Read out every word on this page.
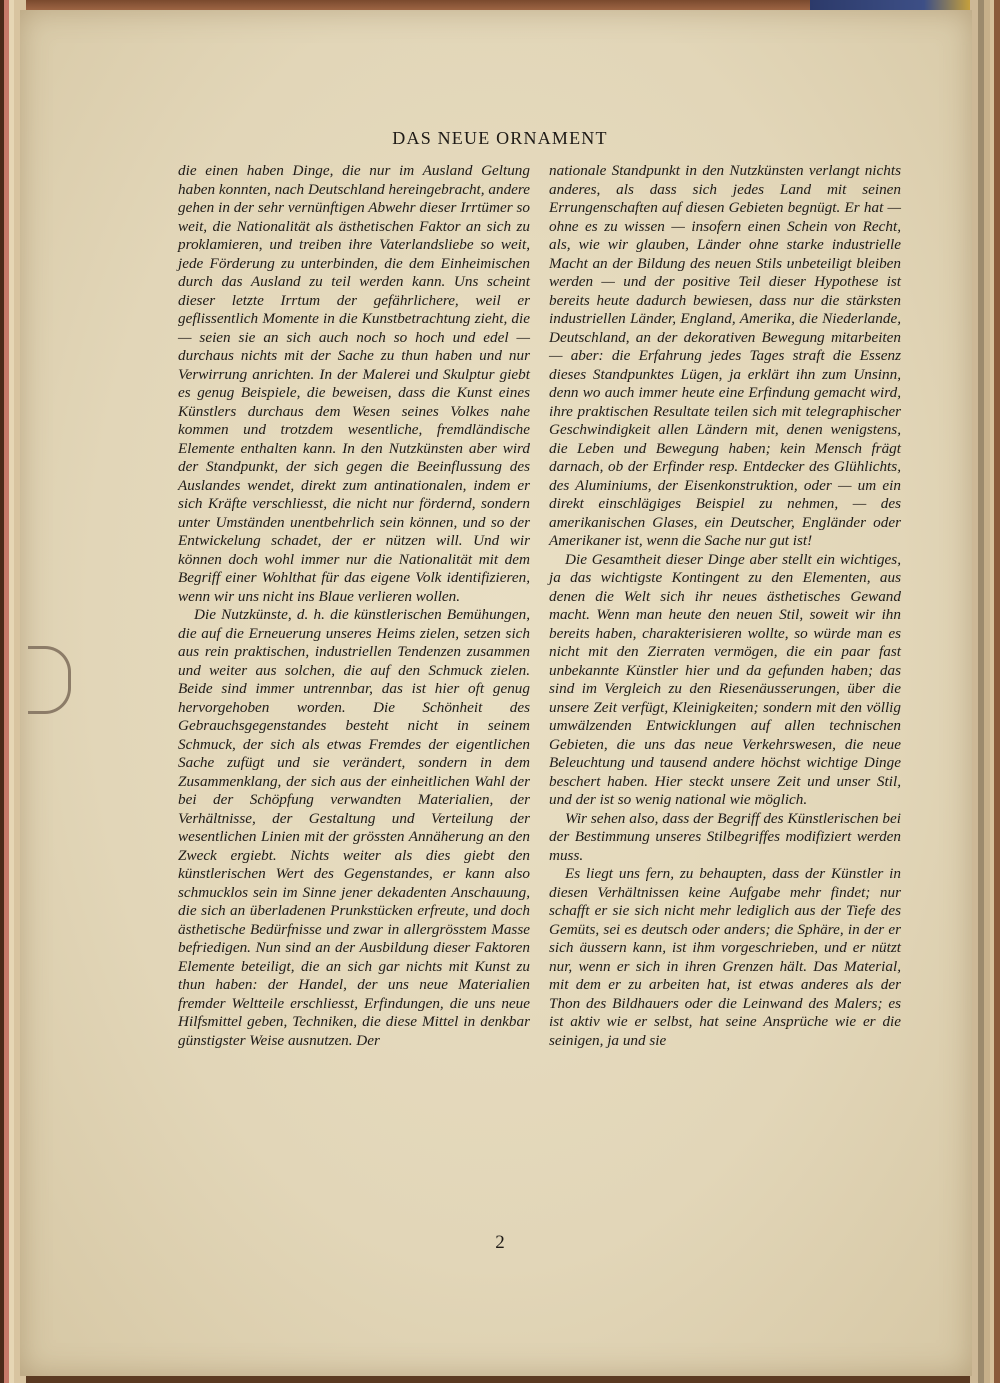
DAS NEUE ORNAMENT

die einen haben Dinge, die nur im Ausland Geltung haben konnten, nach Deutschland hereingebracht, andere gehen in der sehr vernünftigen Abwehr dieser Irrtümer so weit, die Nationalität als ästhetischen Faktor an sich zu proklamieren, und treiben ihre Vaterlandsliebe so weit, jede Förderung zu unterbinden, die dem Einheimischen durch das Ausland zu teil werden kann. Uns scheint dieser letzte Irrtum der gefährlichere, weil er geflissentlich Momente in die Kunstbetrachtung zieht, die — seien sie an sich auch noch so hoch und edel — durchaus nichts mit der Sache zu thun haben und nur Verwirrung anrichten. In der Malerei und Skulptur giebt es genug Beispiele, die beweisen, dass die Kunst eines Künstlers durchaus dem Wesen seines Volkes nahe kommen und trotzdem wesentliche, fremdländische Elemente enthalten kann. In den Nutzkünsten aber wird der Standpunkt, der sich gegen die Beeinflussung des Auslandes wendet, direkt zum antinationalen, indem er sich Kräfte verschliesst, die nicht nur fördernd, sondern unter Umständen unentbehrlich sein können, und so der Entwickelung schadet, der er nützen will. Und wir können doch wohl immer nur die Nationalität mit dem Begriff einer Wohlthat für das eigene Volk identifizieren, wenn wir uns nicht ins Blaue verlieren wollen.

Die Nutzkünste, d. h. die künstlerischen Bemühungen, die auf die Erneuerung unseres Heims zielen, setzen sich aus rein praktischen, industriellen Tendenzen zusammen und weiter aus solchen, die auf den Schmuck zielen. Beide sind immer untrennbar, das ist hier oft genug hervorgehoben worden. Die Schönheit des Gebrauchsgegenstandes besteht nicht in seinem Schmuck, der sich als etwas Fremdes der eigentlichen Sache zufügt und sie verändert, sondern in dem Zusammenklang, der sich aus der einheitlichen Wahl der bei der Schöpfung verwandten Materialien, der Verhältnisse, der Gestaltung und Verteilung der wesentlichen Linien mit der grössten Annäherung an den Zweck ergiebt. Nichts weiter als dies giebt den künstlerischen Wert des Gegenstandes, er kann also schmucklos sein im Sinne jener dekadenten Anschauung, die sich an überladenen Prunkstücken erfreute, und doch ästhetische Bedürfnisse und zwar in allergrösstem Masse befriedigen. Nun sind an der Ausbildung dieser Faktoren Elemente beteiligt, die an sich gar nichts mit Kunst zu thun haben: der Handel, der uns neue Materialien fremder Weltteile erschliesst, Erfindungen, die uns neue Hilfsmittel geben, Techniken, die diese Mittel in denkbar günstigster Weise ausnutzen. Der

nationale Standpunkt in den Nutzkünsten verlangt nichts anderes, als dass sich jedes Land mit seinen Errungenschaften auf diesen Gebieten begnügt. Er hat — ohne es zu wissen — insofern einen Schein von Recht, als, wie wir glauben, Länder ohne starke industrielle Macht an der Bildung des neuen Stils unbeteiligt bleiben werden — und der positive Teil dieser Hypothese ist bereits heute dadurch bewiesen, dass nur die stärksten industriellen Länder, England, Amerika, die Niederlande, Deutschland, an der dekorativen Bewegung mitarbeiten — aber: die Erfahrung jedes Tages straft die Essenz dieses Standpunktes Lügen, ja erklärt ihn zum Unsinn, denn wo auch immer heute eine Erfindung gemacht wird, ihre praktischen Resultate teilen sich mit telegraphischer Geschwindigkeit allen Ländern mit, denen wenigstens, die Leben und Bewegung haben; kein Mensch frägt darnach, ob der Erfinder resp. Entdecker des Glühlichts, des Aluminiums, der Eisenkonstruktion, oder — um ein direkt einschlägiges Beispiel zu nehmen, — des amerikanischen Glases, ein Deutscher, Engländer oder Amerikaner ist, wenn die Sache nur gut ist!

Die Gesamtheit dieser Dinge aber stellt ein wichtiges, ja das wichtigste Kontingent zu den Elementen, aus denen die Welt sich ihr neues ästhetisches Gewand macht. Wenn man heute den neuen Stil, soweit wir ihn bereits haben, charakterisieren wollte, so würde man es nicht mit den Zierraten vermögen, die ein paar fast unbekannte Künstler hier und da gefunden haben; das sind im Vergleich zu den Riesenäusserungen, über die unsere Zeit verfügt, Kleinigkeiten; sondern mit den völlig umwälzenden Entwicklungen auf allen technischen Gebieten, die uns das neue Verkehrswesen, die neue Beleuchtung und tausend andere höchst wichtige Dinge beschert haben. Hier steckt unsere Zeit und unser Stil, und der ist so wenig national wie möglich.

Wir sehen also, dass der Begriff des Künstlerischen bei der Bestimmung unseres Stilbegriffes modifiziert werden muss.

Es liegt uns fern, zu behaupten, dass der Künstler in diesen Verhältnissen keine Aufgabe mehr findet; nur schafft er sie sich nicht mehr lediglich aus der Tiefe des Gemüts, sei es deutsch oder anders; die Sphäre, in der er sich äussern kann, ist ihm vorgeschrieben, und er nützt nur, wenn er sich in ihren Grenzen hält. Das Material, mit dem er zu arbeiten hat, ist etwas anderes als der Thon des Bildhauers oder die Leinwand des Malers; es ist aktiv wie er selbst, hat seine Ansprüche wie er die seinigen, ja und sie

2
